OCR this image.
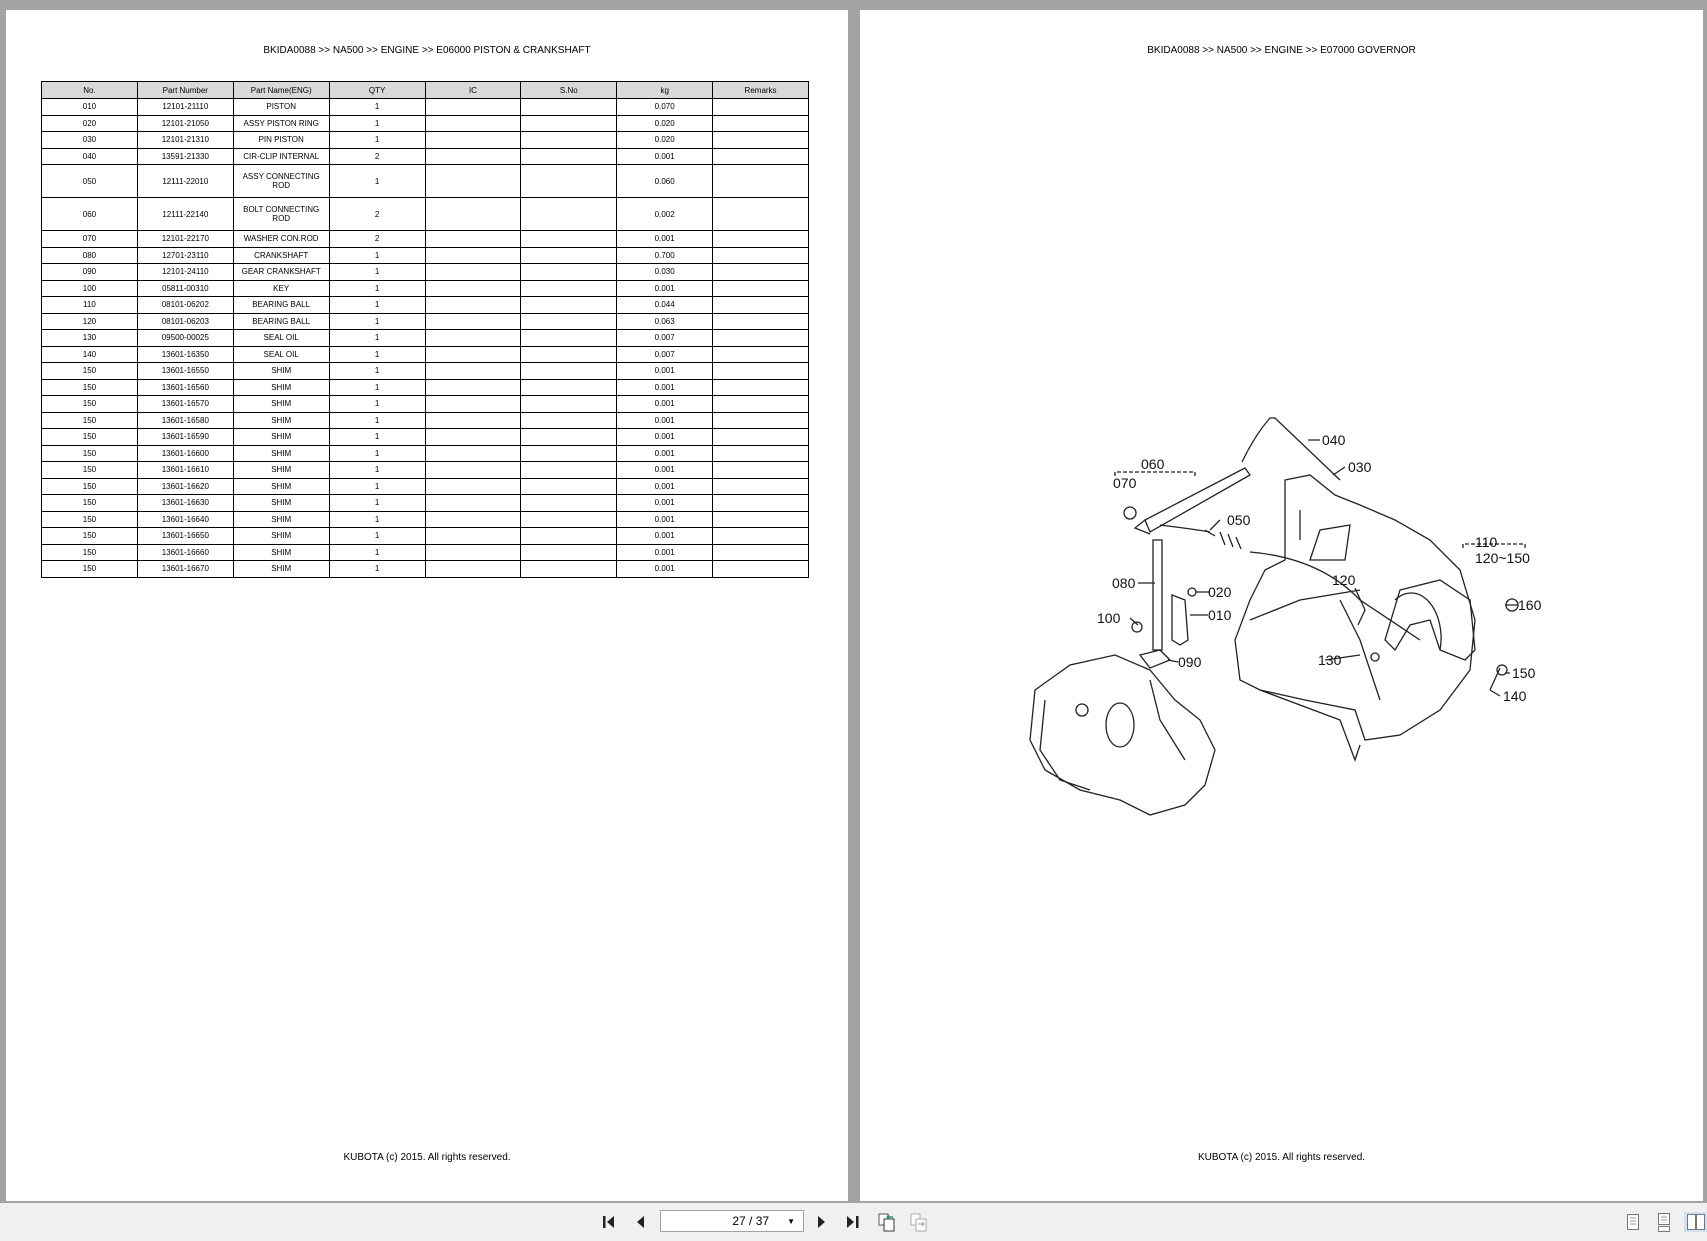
BKIDA0088 >> NA500 >> ENGINE >> E06000 PISTON & CRANKSHAFT
No.	Part Number	Part Name(ENG)	QTY	IC	S.No	kg	Remarks
010	12101-21110	PISTON	1			0.070	
020	12101-21050	ASSY PISTON RING	1			0.020	
030	12101-21310	PIN PISTON	1			0.020	
040	13591-21330	CIR-CLIP INTERNAL	2			0.001	
050	12111-22010	ASSY CONNECTING ROD	1			0.060	
060	12111-22140	BOLT CONNECTING ROD	2			0.002	
070	12101-22170	WASHER CON.ROD	2			0.001	
080	12701-23110	CRANKSHAFT	1			0.700	
090	12101-24110	GEAR CRANKSHAFT	1			0.030	
100	05811-00310	KEY	1			0.001	
110	08101-06202	BEARING BALL	1			0.044	
120	08101-06203	BEARING BALL	1			0.063	
130	09500-00025	SEAL OIL	1			0.007	
140	13601-16350	SEAL OIL	1			0.007	
150	13601-16550	SHIM	1			0.001	
150	13601-16560	SHIM	1			0.001	
150	13601-16570	SHIM	1			0.001	
150	13601-16580	SHIM	1			0.001	
150	13601-16590	SHIM	1			0.001	
150	13601-16600	SHIM	1			0.001	
150	13601-16610	SHIM	1			0.001	
150	13601-16620	SHIM	1			0.001	
150	13601-16630	SHIM	1			0.001	
150	13601-16640	SHIM	1			0.001	
150	13601-16650	SHIM	1			0.001	
150	13601-16660	SHIM	1			0.001	
150	13601-16670	SHIM	1			0.001	
KUBOTA (c) 2015. All rights reserved.
BKIDA0088 >> NA500 >> ENGINE >> E07000 GOVERNOR
040
030
060
070
050
110
120~150
120
080
020
010
160
100
090	130
150
140
KUBOTA (c) 2015. All rights reserved.
27 / 37 ▼
